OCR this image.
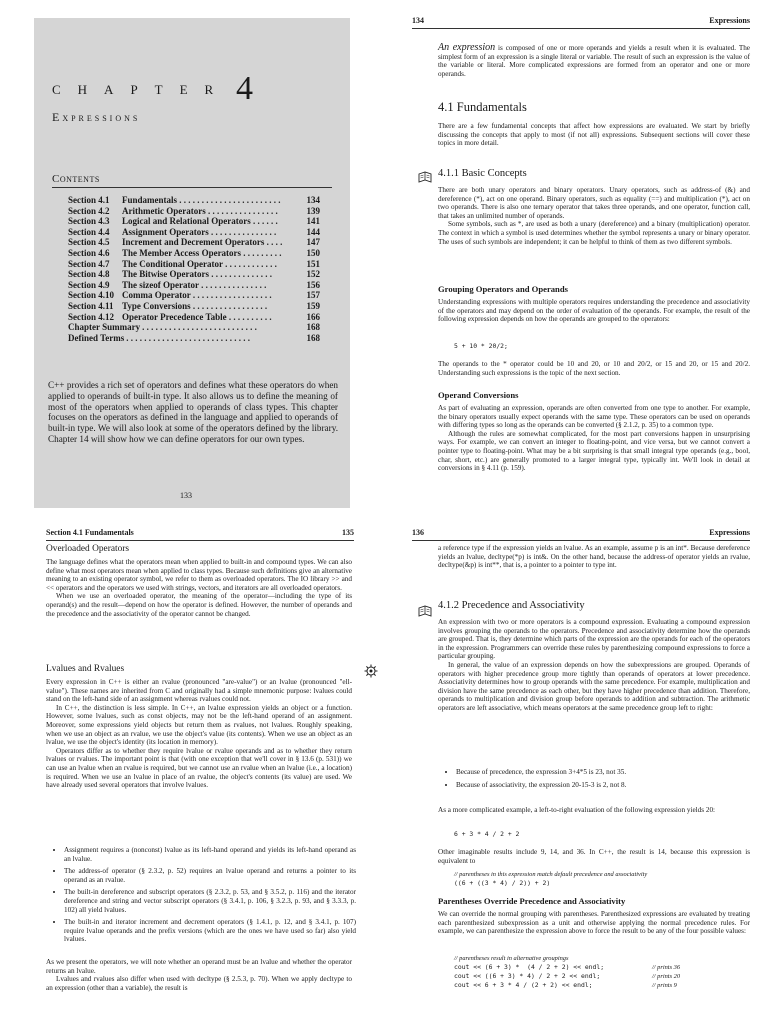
CHAPTER 4
Expressions
Contents
Section 4.1	Fundamentals . . . . . . . . . . . . . . . . . . . . . . .	134
Section 4.2	Arithmetic Operators . . . . . . . . . . . . . . . .	139
Section 4.3	Logical and Relational Operators . . . . . .	141
Section 4.4	Assignment Operators . . . . . . . . . . . . . . .	144
Section 4.5	Increment and Decrement Operators . . . .	147
Section 4.6	The Member Access Operators . . . . . . . . .	150
Section 4.7	The Conditional Operator . . . . . . . . . . . .	151
Section 4.8	The Bitwise Operators . . . . . . . . . . . . . .	152
Section 4.9	The sizeof Operator . . . . . . . . . . . . . . .	156
Section 4.10 Comma Operator . . . . . . . . . . . . . . . . . .	157
Section 4.11 Type Conversions . . . . . . . . . . . . . . . . .	159
Section 4.12 Operator Precedence Table . . . . . . . . . .	166
Chapter Summary . . . . . . . . . . . . . . . . . . . . . . . . . .	168
Defined Terms . . . . . . . . . . . . . . . . . . . . . . . . . . . .	168
C++ provides a rich set of operators and defines what these operators do when applied to operands of built-in type. It also allows us to define the meaning of most of the operators when applied to operands of class types. This chapter focuses on the operators as defined in the language and applied to operands of built-in type. We will also look at some of the operators defined by the library. Chapter 14 will show how we can define operators for our own types.
133
134	Expressions

An expression is composed of one or more operands and yields a result when it is evaluated. The simplest form of an expression is a single literal or variable. The result of such an expression is the value of the variable or literal. More complicated expressions are formed from an operator and one or more operands.

4.1 Fundamentals
There are a few fundamental concepts that affect how expressions are evaluated. We start by briefly discussing the concepts that apply to most (if not all) expressions. Subsequent sections will cover these topics in more detail.
4.1.1 Basic Concepts

There are both unary operators and binary operators. Unary operators, such as address-of (&) and dereference (*), act on one operand. Binary operators, such as equality (==) and multiplication (*), act on two operands. There is also one ternary operator that takes three operands, and one operator, function call, that takes an unlimited number of operands.

Some symbols, such as *, are used as both a unary (dereference) and a binary (multiplication) operator. The context in which a symbol is used determines whether the symbol represents a unary or binary operator. The uses of such symbols are independent; it can be helpful to think of them as two different symbols.

Grouping Operators and Operands
Understanding expressions with multiple operators requires understanding the precedence and associativity of the operators and may depend on the order of evaluation of the operands. For example, the result of the following expression depends on how the operands are grouped to the operators:
5 + 10 * 20/2;
The operands to the * operator could be 10 and 20, or 10 and 20/2, or 15 and 20, or 15 and 20/2. Understanding such expressions is the topic of the next section.
Operand Conversions

As part of evaluating an expression, operands are often converted from one type to another. For example, the binary operators usually expect operands with the same type. These operators can be used on operands with differing types so long as the operands can be converted (§ 2.1.2, p. 35) to a common type.

Although the rules are somewhat complicated, for the most part conversions happen in unsurprising ways. For example, we can convert an integer to floating-point, and vice versa, but we cannot convert a pointer type to floating-point. What may be a bit surprising is that small integral type operands (e.g., bool, char, short, etc.) are generally promoted to a larger integral type, typically int. We'll look in detail at conversions in § 4.11 (p. 159).

Section 4.1 Fundamentals	135
Overloaded Operators

The language defines what the operators mean when applied to built-in and compound types. We can also define what most operators mean when applied to class types. Because such definitions give an alternative meaning to an existing operator symbol, we refer to them as overloaded operators. The IO library >> and << operators and the operators we used with strings, vectors, and iterators are all overloaded operators.

When we use an overloaded operator, the meaning of the operator—including the type of its operand(s) and the result—depend on how the operator is defined. However, the number of operands and the precedence and the associativity of the operator cannot be changed.

Lvalues and Rvalues

Every expression in C++ is either an rvalue (pronounced "are-value") or an lvalue (pronounced "ell-value"). These names are inherited from C and originally had a simple mnemonic purpose: lvalues could stand on the left-hand side of an assignment whereas rvalues could not.

In C++, the distinction is less simple. In C++, an lvalue expression yields an object or a function. However, some lvalues, such as const objects, may not be the left-hand operand of an assignment. Moreover, some expressions yield objects but return them as rvalues, not lvalues. Roughly speaking, when we use an object as an rvalue, we use the object's value (its contents). When we use an object as an lvalue, we use the object's identity (its location in memory).

Operators differ as to whether they require lvalue or rvalue operands and as to whether they return lvalues or rvalues. The important point is that (with one exception that we'll cover in § 13.6 (p. 531)) we can use an lvalue when an rvalue is required, but we cannot use an rvalue when an lvalue (i.e., a location) is required. When we use an lvalue in place of an rvalue, the object's contents (its value) are used. We have already used several operators that involve lvalues.

• Assignment requires a (nonconst) lvalue as its left-hand operand and yields its left-hand operand as an lvalue.
• The address-of operator (§ 2.3.2, p. 52) requires an lvalue operand and returns a pointer to its operand as an rvalue.
• The built-in dereference and subscript operators (§ 2.3.2, p. 53, and § 3.5.2, p. 116) and the iterator dereference and string and vector subscript operators (§ 3.4.1, p. 106, § 3.2.3, p. 93, and § 3.3.3, p. 102) all yield lvalues.
• The built-in and iterator increment and decrement operators (§ 1.4.1, p. 12, and § 3.4.1, p. 107) require lvalue operands and the prefix versions (which are the ones we have used so far) also yield lvalues.

As we present the operators, we will note whether an operand must be an lvalue and whether the operator returns an lvalue.

Lvalues and rvalues also differ when used with decltype (§ 2.5.3, p. 70). When we apply decltype to an expression (other than a variable), the result is

136	Expressions
a reference type if the expression yields an lvalue. As an example, assume p is an int*. Because dereference yields an lvalue, decltype(*p) is int&. On the other hand, because the address-of operator yields an rvalue, decltype(&p) is int**, that is, a pointer to a pointer to type int.
4.1.2 Precedence and Associativity

An expression with two or more operators is a compound expression. Evaluating a compound expression involves grouping the operands to the operators. Precedence and associativity determine how the operands are grouped. That is, they determine which parts of the expression are the operands for each of the operators in the expression. Programmers can override these rules by parenthesizing compound expressions to force a particular grouping.

In general, the value of an expression depends on how the subexpressions are grouped. Operands of operators with higher precedence group more tightly than operands of operators at lower precedence. Associativity determines how to group operands with the same precedence. For example, multiplication and division have the same precedence as each other, but they have higher precedence than addition. Therefore, operands to multiplication and division group before operands to addition and subtraction. The arithmetic operators are left associative, which means operators at the same precedence group left to right:

• Because of precedence, the expression 3+4*5 is 23, not 35.
• Because of associativity, the expression 20-15-3 is 2, not 8.
As a more complicated example, a left-to-right evaluation of the following expression yields 20:
6 + 3 * 4 / 2 + 2
Other imaginable results include 9, 14, and 36. In C++, the result is 14, because this expression is equivalent to
// parentheses in this expression match default precedence and associativity
((6 + ((3 * 4) / 2)) + 2)
Parentheses Override Precedence and Associativity
We can override the normal grouping with parentheses. Parenthesized expressions are evaluated by treating each parenthesized subexpression as a unit and otherwise applying the normal precedence rules. For example, we can parenthesize the expression above to force the result to be any of the four possible values:
// parentheses result in alternative groupings
cout << (6 + 3) *  (4 / 2 + 2) << endl;	// prints 36
cout << ((6 + 3) * 4) / 2 + 2 << endl;	// prints 20
cout << 6 + 3 * 4 / (2 + 2) << endl;	// prints 9
